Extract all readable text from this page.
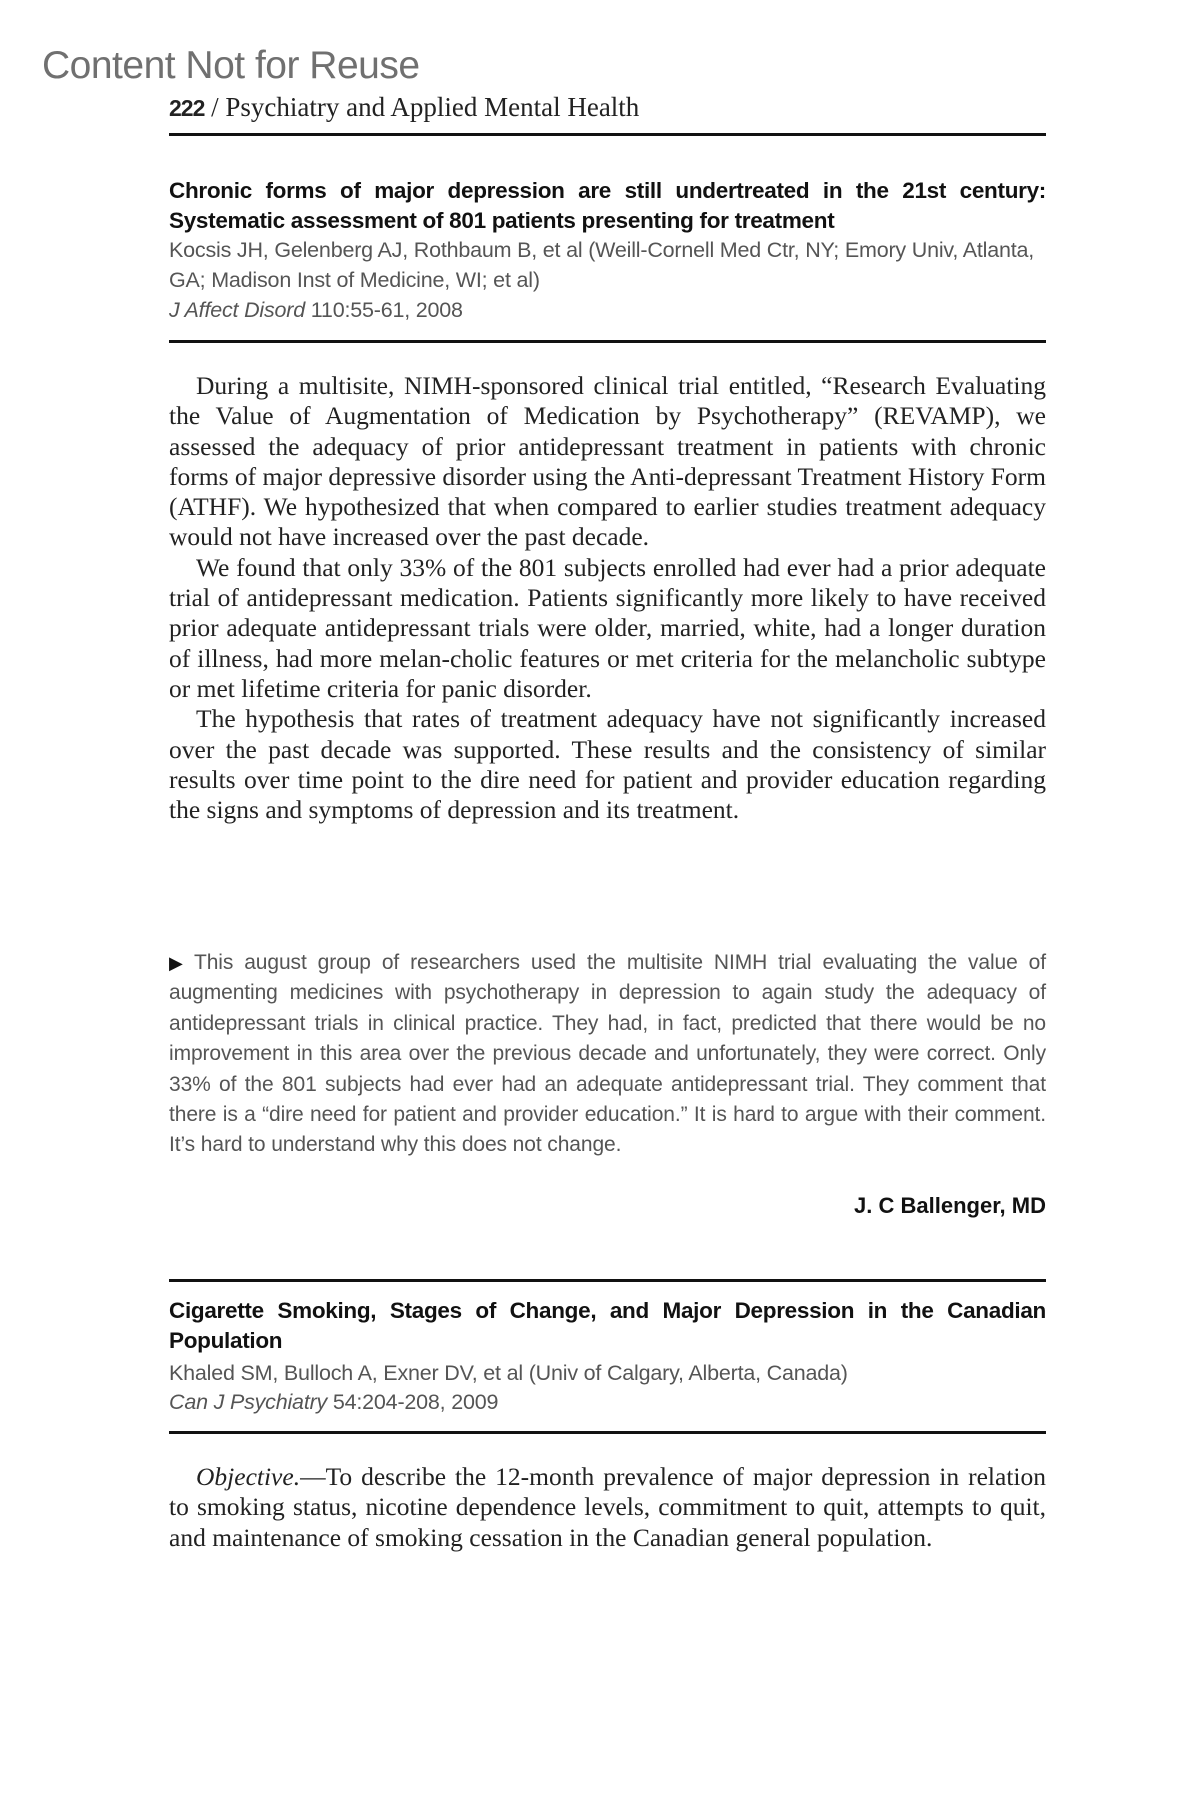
Content Not for Reuse
222 / Psychiatry and Applied Mental Health
Chronic forms of major depression are still undertreated in the 21st century: Systematic assessment of 801 patients presenting for treatment
Kocsis JH, Gelenberg AJ, Rothbaum B, et al (Weill-Cornell Med Ctr, NY; Emory Univ, Atlanta, GA; Madison Inst of Medicine, WI; et al)
J Affect Disord 110:55-61, 2008

During a multisite, NIMH-sponsored clinical trial entitled, “Research Evaluating the Value of Augmentation of Medication by Psychotherapy” (REVAMP), we assessed the adequacy of prior antidepressant treatment in patients with chronic forms of major depressive disorder using the Anti-depressant Treatment History Form (ATHF). We hypothesized that when compared to earlier studies treatment adequacy would not have increased over the past decade.

We found that only 33% of the 801 subjects enrolled had ever had a prior adequate trial of antidepressant medication. Patients significantly more likely to have received prior adequate antidepressant trials were older, married, white, had a longer duration of illness, had more melan-cholic features or met criteria for the melancholic subtype or met lifetime criteria for panic disorder.

The hypothesis that rates of treatment adequacy have not significantly increased over the past decade was supported. These results and the consistency of similar results over time point to the dire need for patient and provider education regarding the signs and symptoms of depression and its treatment.

▶ This august group of researchers used the multisite NIMH trial evaluating the value of augmenting medicines with psychotherapy in depression to again study the adequacy of antidepressant trials in clinical practice. They had, in fact, predicted that there would be no improvement in this area over the previous decade and unfortunately, they were correct. Only 33% of the 801 subjects had ever had an adequate antidepressant trial. They comment that there is a “dire need for patient and provider education.” It is hard to argue with their comment. It’s hard to understand why this does not change.
J. C Ballenger, MD
Cigarette Smoking, Stages of Change, and Major Depression in the Canadian Population
Khaled SM, Bulloch A, Exner DV, et al (Univ of Calgary, Alberta, Canada)
Can J Psychiatry 54:204-208, 2009

Objective.—To describe the 12-month prevalence of major depression in relation to smoking status, nicotine dependence levels, commitment to quit, attempts to quit, and maintenance of smoking cessation in the Canadian general population.
